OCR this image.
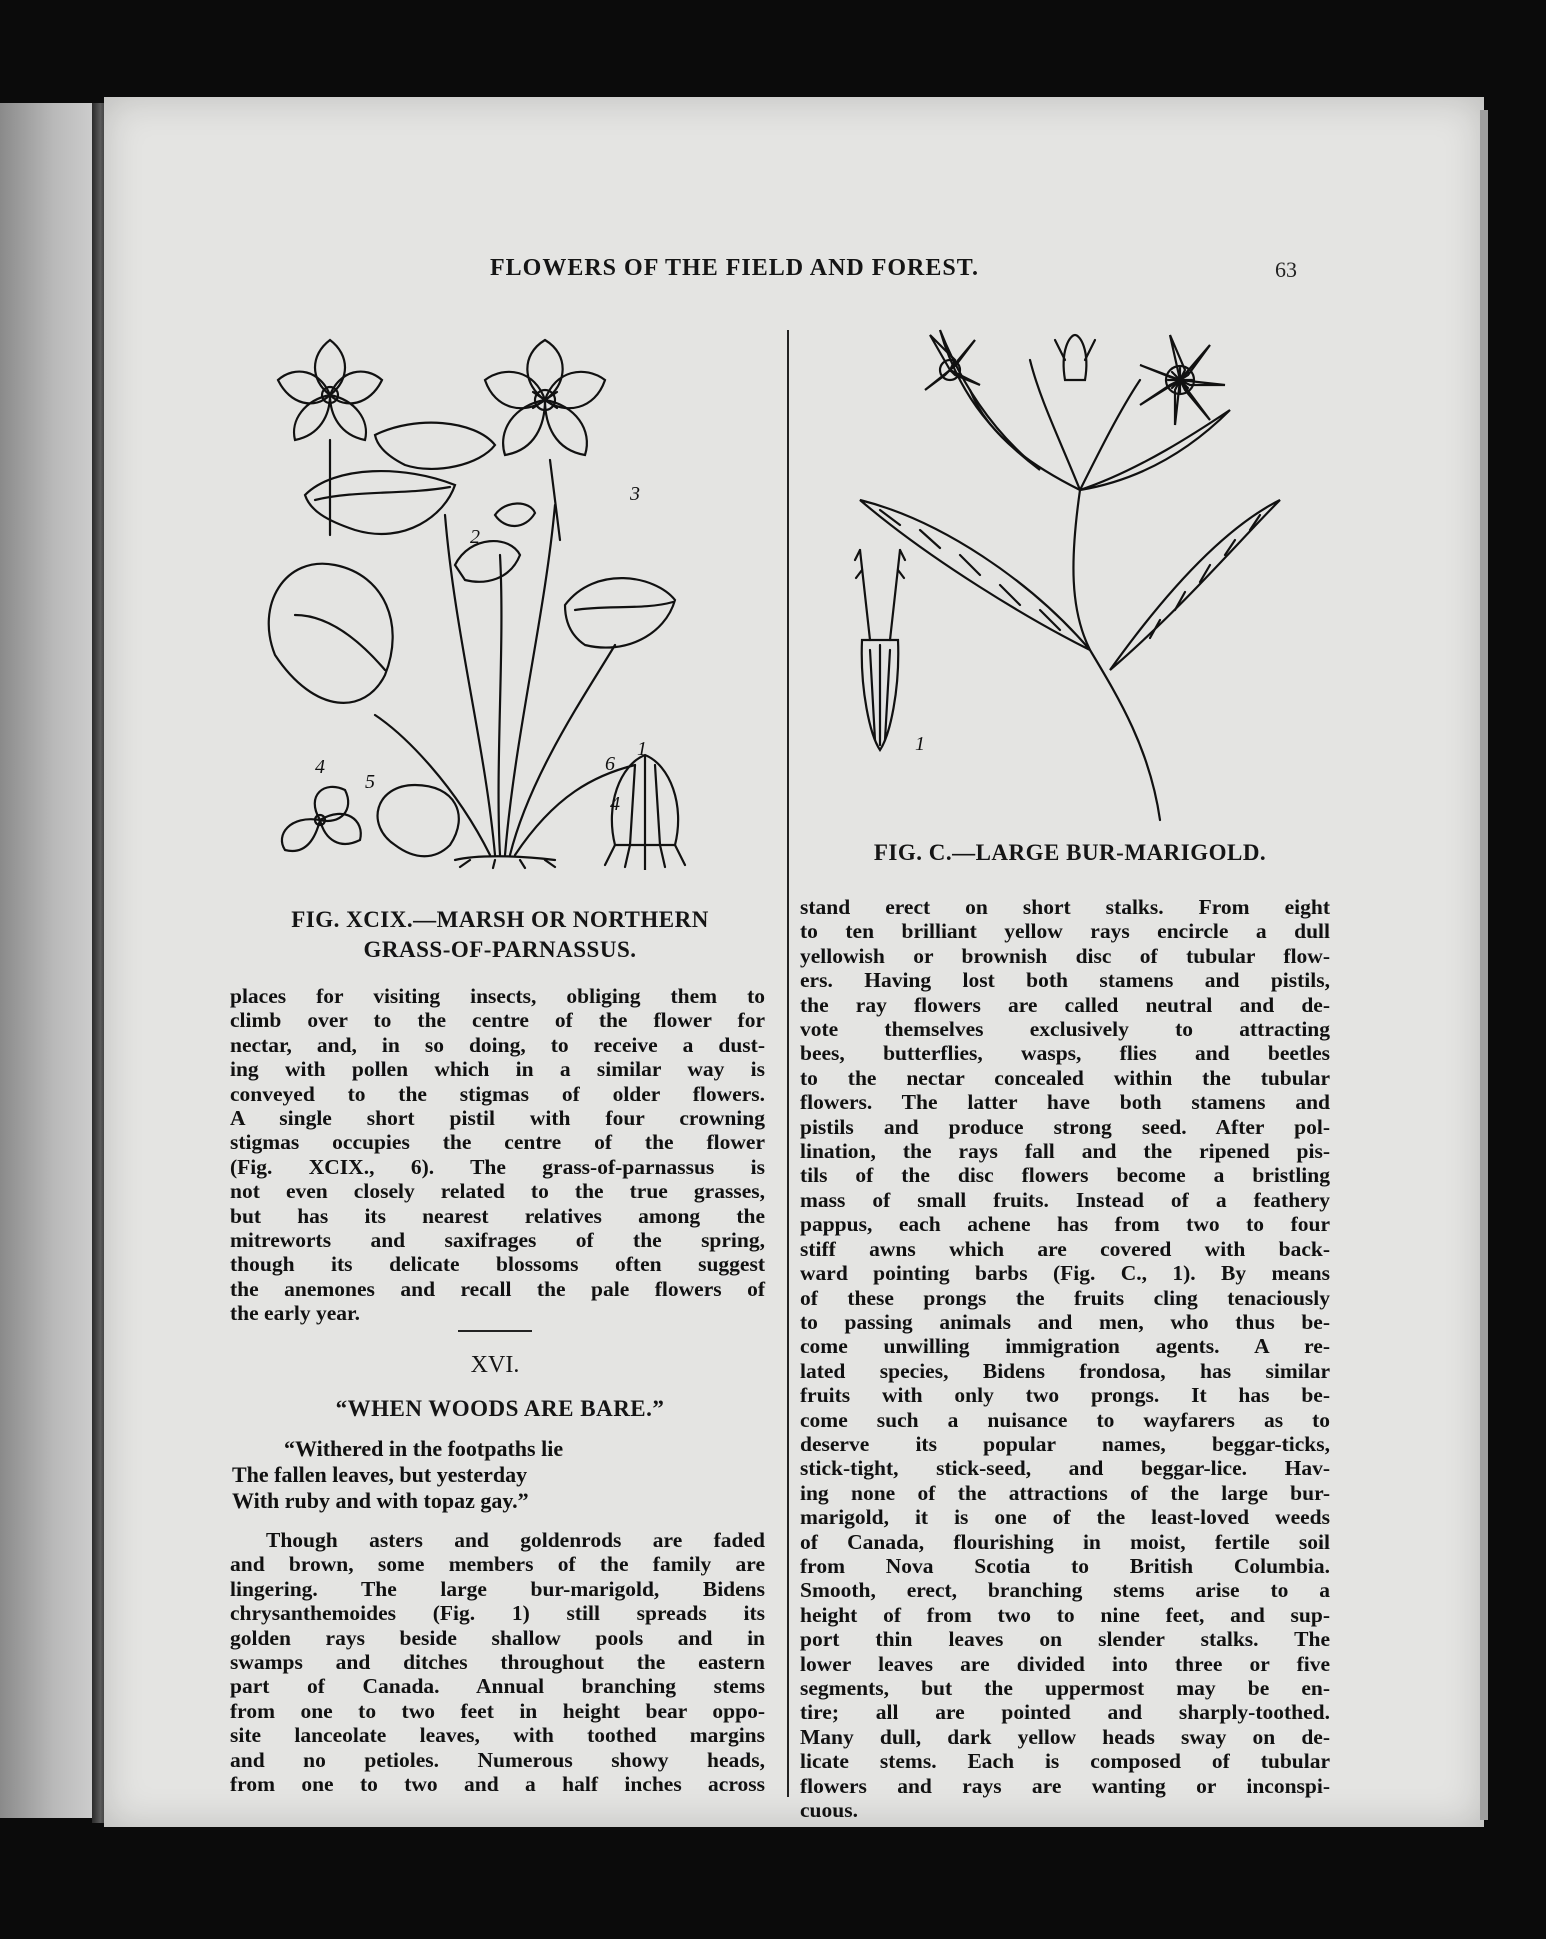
FLOWERS OF THE FIELD AND FOREST.	63
1
2
3
4
5
6
4
FIG. XCIX.—MARSH OR NORTHERN
GRASS-OF-PARNASSUS.
1
FIG. C.—LARGE BUR-MARIGOLD.
places for visiting insects, obliging them to
climb over to the centre of the flower for
nectar, and, in so doing, to receive a dust-
ing with pollen which in a similar way is
conveyed to the stigmas of older flowers.
A single short pistil with four crowning
stigmas occupies the centre of the flower
(Fig. XCIX., 6). The grass-of-parnassus is
not even closely related to the true grasses,
but has its nearest relatives among the
mitreworts and saxifrages of the spring,
though its delicate blossoms often suggest
the anemones and recall the pale flowers of
the early year.
XVI.
“WHEN WOODS ARE BARE.”
“Withered in the footpaths lie
The fallen leaves, but yesterday
With ruby and with topaz gay.”
Though asters and goldenrods are faded
and brown, some members of the family are
lingering. The large bur-marigold, Bidens
chrysanthemoides (Fig. 1) still spreads its
golden rays beside shallow pools and in
swamps and ditches throughout the eastern
part of Canada. Annual branching stems
from one to two feet in height bear oppo-
site lanceolate leaves, with toothed margins
and no petioles. Numerous showy heads,
from one to two and a half inches across
stand erect on short stalks. From eight
to ten brilliant yellow rays encircle a dull
yellowish or brownish disc of tubular flow-
ers. Having lost both stamens and pistils,
the ray flowers are called neutral and de-
vote themselves exclusively to attracting
bees, butterflies, wasps, flies and beetles
to the nectar concealed within the tubular
flowers. The latter have both stamens and
pistils and produce strong seed. After pol-
lination, the rays fall and the ripened pis-
tils of the disc flowers become a bristling
mass of small fruits. Instead of a feathery
pappus, each achene has from two to four
stiff awns which are covered with back-
ward pointing barbs (Fig. C., 1). By means
of these prongs the fruits cling tenaciously
to passing animals and men, who thus be-
come unwilling immigration agents. A re-
lated species, Bidens frondosa, has similar
fruits with only two prongs. It has be-
come such a nuisance to wayfarers as to
deserve its popular names, beggar-ticks,
stick-tight, stick-seed, and beggar-lice. Hav-
ing none of the attractions of the large bur-
marigold, it is one of the least-loved weeds
of Canada, flourishing in moist, fertile soil
from Nova Scotia to British Columbia.
Smooth, erect, branching stems arise to a
height of from two to nine feet, and sup-
port thin leaves on slender stalks. The
lower leaves are divided into three or five
segments, but the uppermost may be en-
tire; all are pointed and sharply-toothed.
Many dull, dark yellow heads sway on de-
licate stems. Each is composed of tubular
flowers and rays are wanting or inconspi-
cuous.
